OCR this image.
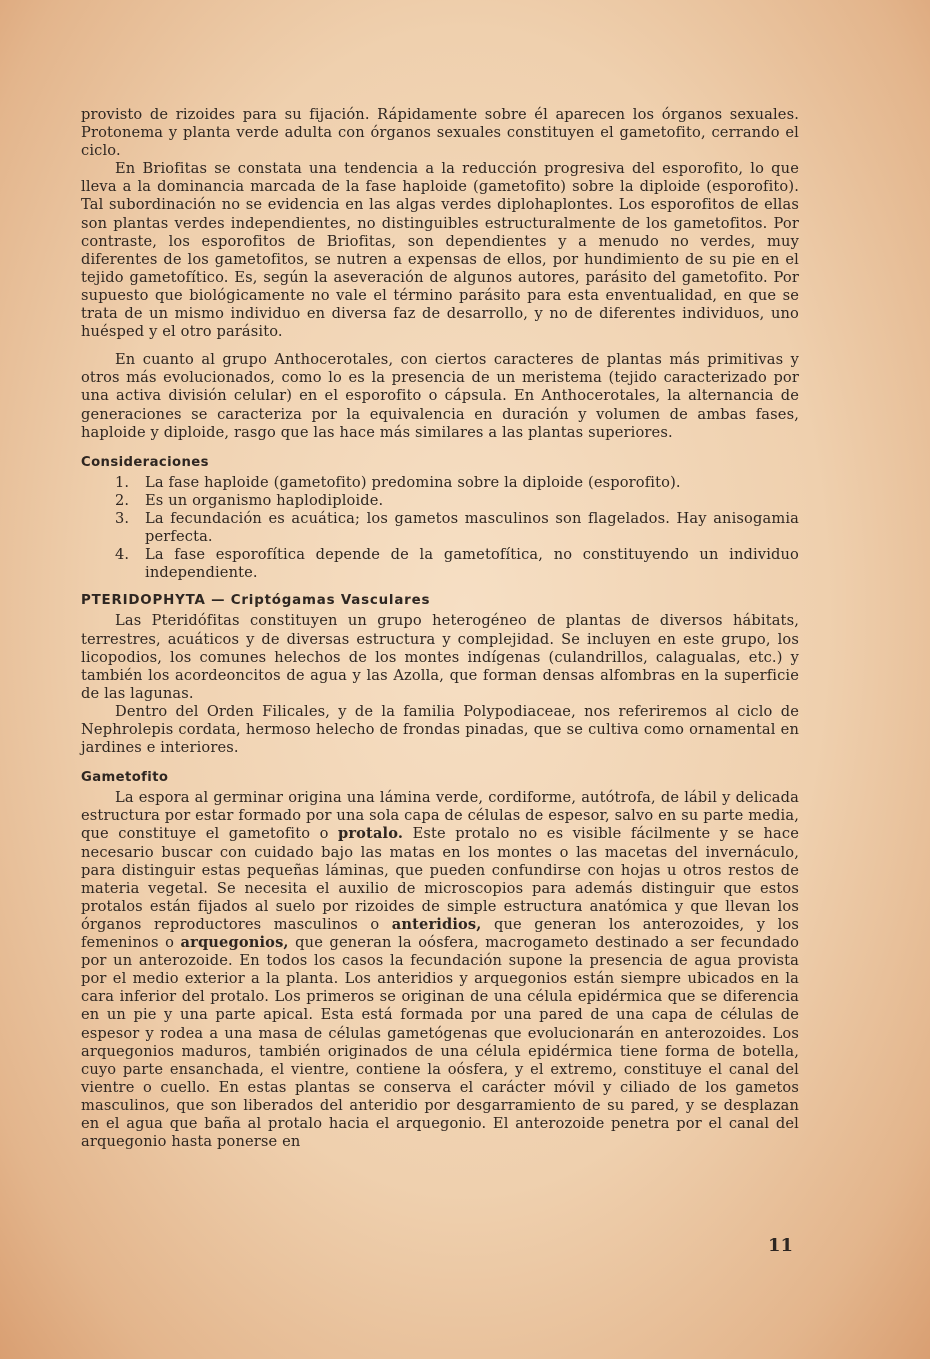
provisto de rizoides para su fijación. Rápidamente sobre él aparecen los órganos sexuales. Protonema y planta verde adulta con órganos sexuales constituyen el gametofito, cerrando el ciclo.

En Briofitas se constata una tendencia a la reducción progresiva del esporofito, lo que lleva a la dominancia marcada de la fase haploide (gametofito) sobre la diploide (esporofito). Tal subordinación no se evidencia en las algas verdes diplohaplontes. Los esporofitos de ellas son plantas verdes independientes, no distinguibles estructuralmente de los gametofitos. Por contraste, los esporofitos de Briofitas, son dependientes y a menudo no verdes, muy diferentes de los gametofitos, se nutren a expensas de ellos, por hundimiento de su pie en el tejido gametofítico. Es, según la aseveración de algunos autores, parásito del gametofito. Por supuesto que biológicamente no vale el término parásito para esta enventualidad, en que se trata de un mismo individuo en diversa faz de desarrollo, y no de diferentes individuos, uno huésped y el otro parásito.

En cuanto al grupo Anthocerotales, con ciertos caracteres de plantas más primitivas y otros más evolucionados, como lo es la presencia de un meristema (tejido caracterizado por una activa división celular) en el esporofito o cápsula. En Anthocerotales, la alternancia de generaciones se caracteriza por la equivalencia en duración y volumen de ambas fases, haploide y diploide, rasgo que las hace más similares a las plantas superiores.

Consideraciones
1.	La fase haploide (gametofito) predomina sobre la diploide (esporofito).
2.	Es un organismo haplodiploide.
3.	La fecundación es acuática; los gametos masculinos son flagelados. Hay anisogamia perfecta.
4.	La fase esporofítica depende de la gametofítica, no constituyendo un individuo independiente.
PTERIDOPHYTA — Criptógamas Vasculares

Las Pteridófitas constituyen un grupo heterogéneo de plantas de diversos hábitats, terrestres, acuáticos y de diversas estructura y complejidad. Se incluyen en este grupo, los licopodios, los comunes helechos de los montes indígenas (culandrillos, calagualas, etc.) y también los acordeoncitos de agua y las Azolla, que forman densas alfombras en la superficie de las lagunas.

Dentro del Orden Filicales, y de la familia Polypodiaceae, nos referiremos al ciclo de Nephrolepis cordata, hermoso helecho de frondas pinadas, que se cultiva como ornamental en jardines e interiores.

Gametofito

La espora al germinar origina una lámina verde, cordiforme, autótrofa, de lábil y delicada estructura por estar formado por una sola capa de células de espesor, salvo en su parte media, que constituye el gametofito o protalo. Este protalo no es visible fácilmente y se hace necesario buscar con cuidado bajo las matas en los montes o las macetas del invernáculo, para distinguir estas pequeñas láminas, que pueden confundirse con hojas u otros restos de materia vegetal. Se necesita el auxilio de microscopios para además distinguir que estos protalos están fijados al suelo por rizoides de simple estructura anatómica y que llevan los órganos reproductores masculinos o anteridios, que generan los anterozoides, y los femeninos o arquegonios, que generan la oósfera, macrogameto destinado a ser fecundado por un anterozoide. En todos los casos la fecundación supone la presencia de agua provista por el medio exterior a la planta. Los anteridios y arquegonios están siempre ubicados en la cara inferior del protalo. Los primeros se originan de una célula epidérmica que se diferencia en un pie y una parte apical. Esta está formada por una pared de una capa de células de espesor y rodea a una masa de células gametógenas que evolucionarán en anterozoides. Los arquegonios maduros, también originados de una célula epidérmica tiene forma de botella, cuyo parte ensanchada, el vientre, contiene la oósfera, y el extremo, constituye el canal del vientre o cuello. En estas plantas se conserva el carácter móvil y ciliado de los gametos masculinos, que son liberados del anteridio por desgarramiento de su pared, y se desplazan en el agua que baña al protalo hacia el arquegonio. El anterozoide penetra por el canal del arquegonio hasta ponerse en

11
